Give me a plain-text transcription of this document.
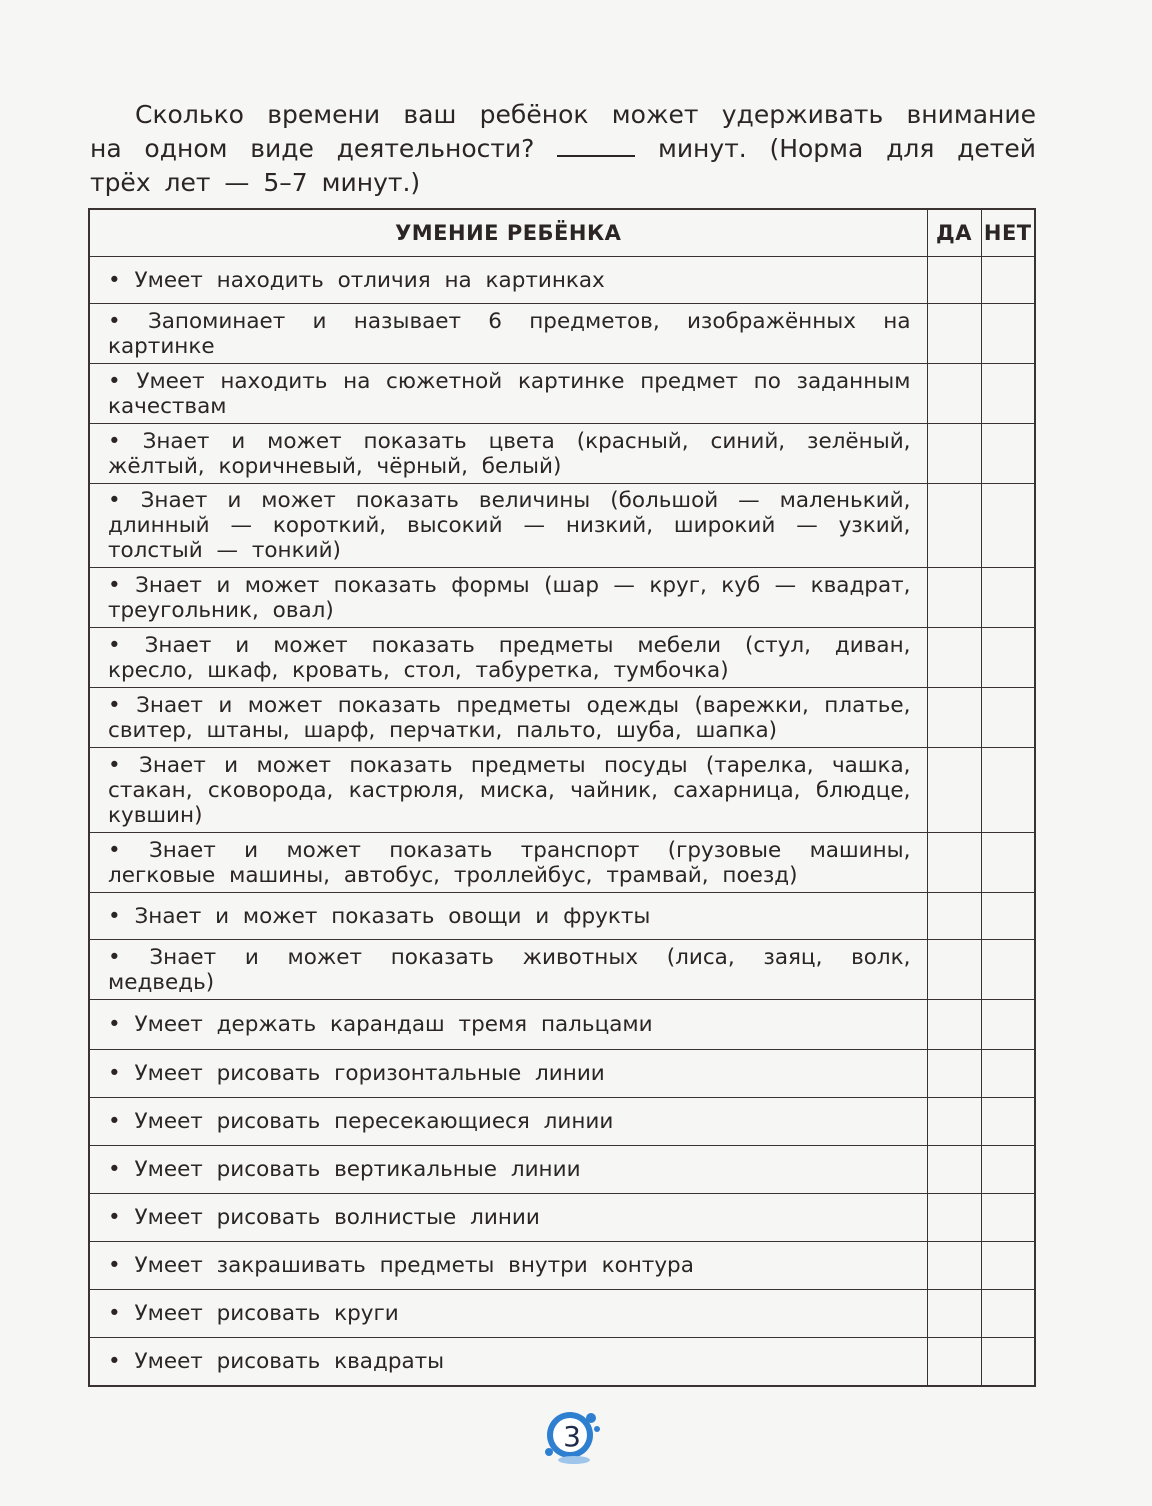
Сколько времени ваш ребёнок может удерживать внимание
на одном виде деятельности?	минут. (Норма для детей
трёх лет — 5–7 минут.)
УМЕНИЕ РЕБЁНКА	ДА	НЕТ
• Умеет находить отличия на картинках		
• Запоминает и называет 6 предметов, изображённых на картинке		
• Умеет находить на сюжетной картинке предмет по заданным качествам		
• Знает и может показать цвета (красный, синий, зелёный, жёлтый, коричневый, чёрный, белый)		
• Знает и может показать величины (большой — маленький, длинный — короткий, высокий — низкий, широкий — узкий, толстый — тонкий)		
• Знает и может показать формы (шар — круг, куб — квадрат, треугольник, овал)		
• Знает и может показать предметы мебели (стул, диван, кресло, шкаф, кровать, стол, табуретка, тумбочка)		
• Знает и может показать предметы одежды (варежки, платье, свитер, штаны, шарф, перчатки, пальто, шуба, шапка)		
• Знает и может показать предметы посуды (тарелка, чашка, стакан, сковорода, кастрюля, миска, чайник, сахарница, блюдце, кувшин)		
• Знает и может показать транспорт (грузовые машины, легковые машины, автобус, троллейбус, трамвай, поезд)		
• Знает и может показать овощи и фрукты		
• Знает и может показать животных (лиса, заяц, волк, медведь)		
• Умеет держать карандаш тремя пальцами		
• Умеет рисовать горизонтальные линии		
• Умеет рисовать пересекающиеся линии		
• Умеет рисовать вертикальные линии		
• Умеет рисовать волнистые линии		
• Умеет закрашивать предметы внутри контура		
• Умеет рисовать круги		
• Умеет рисовать квадраты		
3
